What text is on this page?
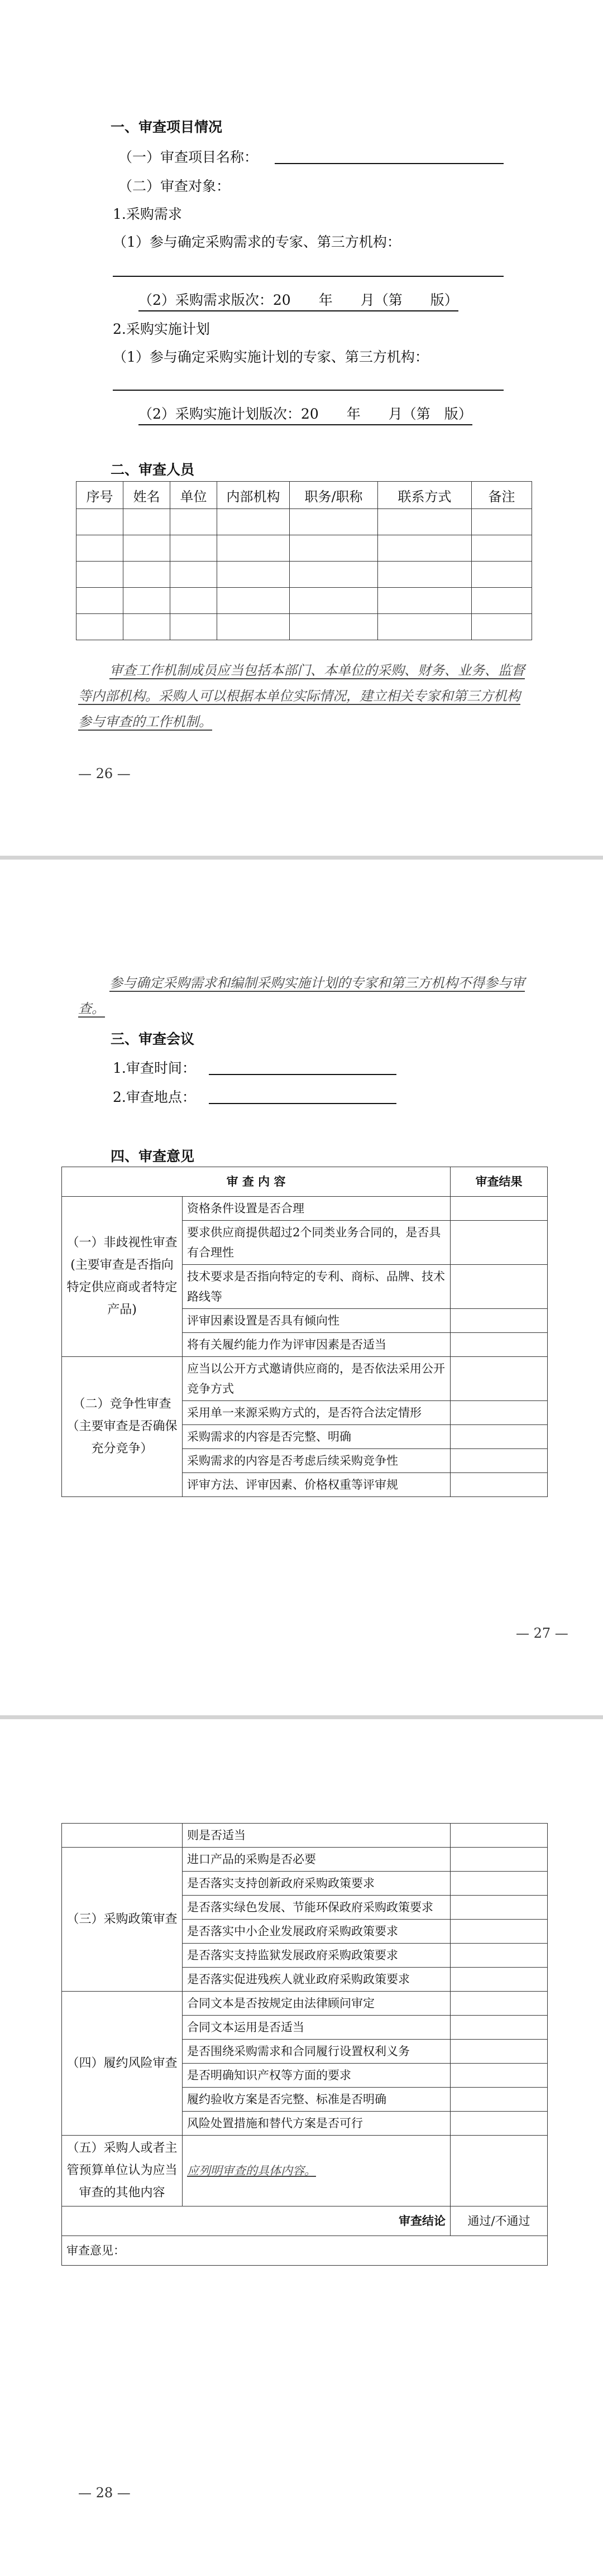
一、审查项目情况
（一）审查项目名称：
（二）审查对象：
1.采购需求
（1）参与确定采购需求的专家、第三方机构：
（2）采购需求版次：20　　年　　月（第　　版）
2.采购实施计划
（1）参与确定采购实施计划的专家、第三方机构：
（2）采购实施计划版次：20　　年　　月（第　版）
二、审查人员
序号	姓名	单位	内部机构	职务/职称	联系方式	备注

审查工作机制成员应当包括本部门、本单位的采购、财务、业务、监督等内部机构。采购人可以根据本单位实际情况，建立相关专家和第三方机构参与审查的工作机制。
— 26 —
参与确定采购需求和编制采购实施计划的专家和第三方机构不得参与审查。
三、审查会议
1.审查时间：
2.审查地点：
四、审查意见
审 查 内 容		审查结果
（一）非歧视性审查(主要审查是否指向特定供应商或者特定产品)	资格条件设置是否合理	
	要求供应商提供超过2个同类业务合同的，是否具有合理性	
	技术要求是否指向特定的专利、商标、品牌、技术路线等	
	评审因素设置是否具有倾向性	
	将有关履约能力作为评审因素是否适当	
（二）竞争性审查（主要审查是否确保充分竞争）	应当以公开方式邀请供应商的，是否依法采用公开竞争方式	
	采用单一来源采购方式的，是否符合法定情形	
	采购需求的内容是否完整、明确	
	采购需求的内容是否考虑后续采购竞争性	
	评审方法、评审因素、价格权重等评审规	
— 27 —
	则是否适当	
（三）采购政策审查	进口产品的采购是否必要	
	是否落实支持创新政府采购政策要求	
	是否落实绿色发展、节能环保政府采购政策要求	
	是否落实中小企业发展政府采购政策要求	
	是否落实支持监狱发展政府采购政策要求	
	是否落实促进残疾人就业政府采购政策要求	
（四）履约风险审查	合同文本是否按规定由法律顾问审定	
	合同文本运用是否适当	
	是否围绕采购需求和合同履行设置权利义务	
	是否明确知识产权等方面的要求	
	履约验收方案是否完整、标准是否明确	
	风险处置措施和替代方案是否可行	
（五）采购人或者主管预算单位认为应当审查的其他内容	应列明审查的具体内容。	
审查结论		通过/不通过
审查意见：		
— 28 —
